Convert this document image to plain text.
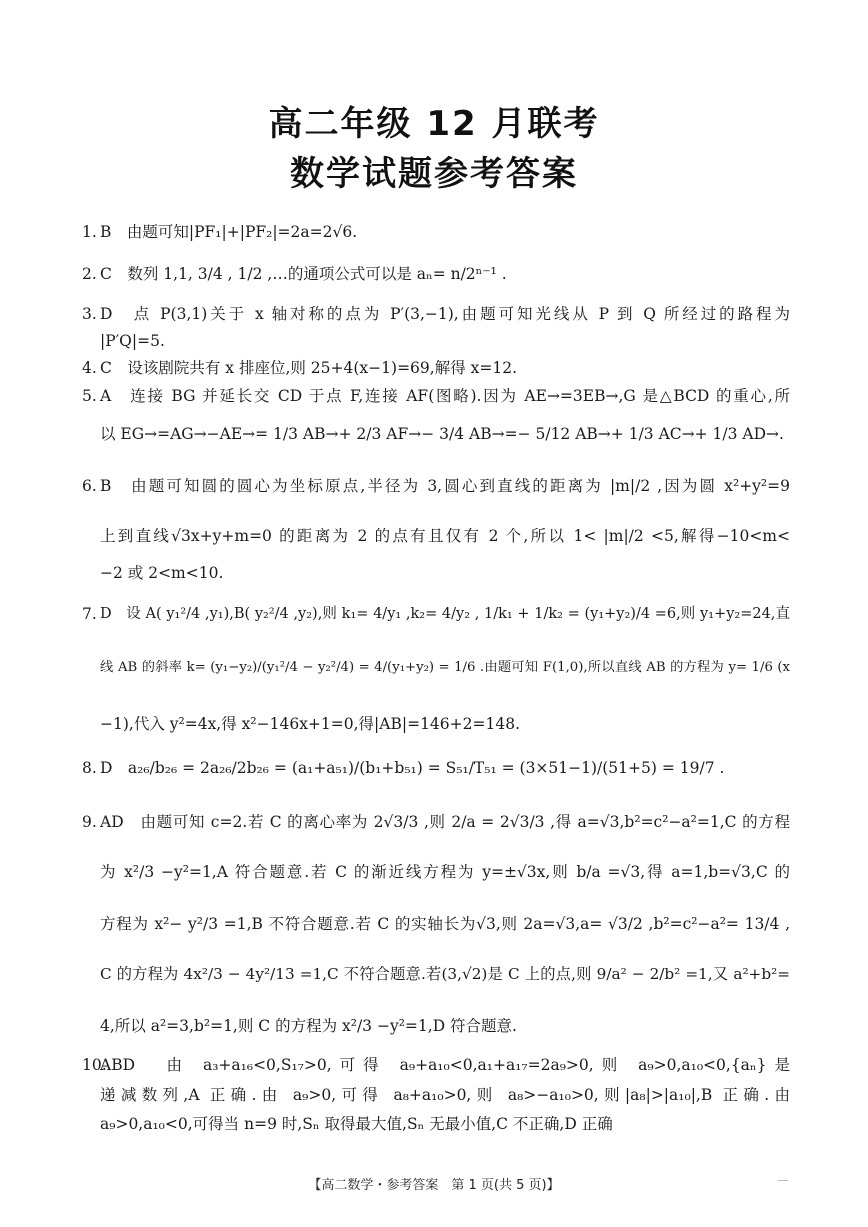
高二年级 12 月联考
数学试题参考答案
1. B　由题可知|PF₁|+|PF₂|=2a=2√6.
2. C　数列 1,1, 3/4 , 1/2 ,…的通项公式可以是 aₙ= n/2ⁿ⁻¹ .
3. D　点 P(3,1)关于 x 轴对称的点为 P′(3,−1),由题可知光线从 P 到 Q 所经过的路程为
|P′Q|=5.
4. C　设该剧院共有 x 排座位,则 25+4(x−1)=69,解得 x=12.
5. A　连接 BG 并延长交 CD 于点 F,连接 AF(图略).因为 AE→=3EB→,G 是△BCD 的重心,所
以 EG→=AG→−AE→= 1/3 AB→+ 2/3 AF→− 3/4 AB→=− 5/12 AB→+ 1/3 AC→+ 1/3 AD→.
6. B　由题可知圆的圆心为坐标原点,半径为 3,圆心到直线的距离为 |m|/2 ,因为圆 x²+y²=9
上到直线√3x+y+m=0 的距离为 2 的点有且仅有 2 个,所以 1< |m|/2 <5,解得−10<m<
−2 或 2<m<10.
7. D　设 A( y₁²/4 ,y₁),B( y₂²/4 ,y₂),则 k₁= 4/y₁ ,k₂= 4/y₂ , 1/k₁ + 1/k₂ = (y₁+y₂)/4 =6,则 y₁+y₂=24,直
线 AB 的斜率 k= (y₁−y₂)/(y₁²/4 − y₂²/4) = 4/(y₁+y₂) = 1/6 .由题可知 F(1,0),所以直线 AB 的方程为 y= 1/6 (x
−1),代入 y²=4x,得 x²−146x+1=0,得|AB|=146+2=148.
8. D　a₂₆/b₂₆ = 2a₂₆/2b₂₆ = (a₁+a₅₁)/(b₁+b₅₁) = S₅₁/T₅₁ = (3×51−1)/(51+5) = 19/7 .
9. AD　由题可知 c=2.若 C 的离心率为 2√3/3 ,则 2/a = 2√3/3 ,得 a=√3,b²=c²−a²=1,C 的方程
为 x²/3 −y²=1,A 符合题意.若 C 的渐近线方程为 y=±√3x,则 b/a =√3,得 a=1,b=√3,C 的
方程为 x²− y²/3 =1,B 不符合题意.若 C 的实轴长为√3,则 2a=√3,a= √3/2 ,b²=c²−a²= 13/4 ,
C 的方程为 4x²/3 − 4y²/13 =1,C 不符合题意.若(3,√2)是 C 上的点,则 9/a² − 2/b² =1,又 a²+b²=
4,所以 a²=3,b²=1,则 C 的方程为 x²/3 −y²=1,D 符合题意.
10.
ABD　由 a₃+a₁₆<0,S₁₇>0,可得 a₉+a₁₀<0,a₁+a₁₇=2a₉>0,则 a₉>0,a₁₀<0,{aₙ}是
递减数列,A 正确.由 a₉>0,可得 a₈+a₁₀>0,则 a₈>−a₁₀>0,则|a₈|>|a₁₀|,B 正确.由
a₉>0,a₁₀<0,可得当 n=9 时,Sₙ 取得最大值,Sₙ 无最小值,C 不正确,D 正确
【高二数学・参考答案　第 1 页(共 5 页)】
